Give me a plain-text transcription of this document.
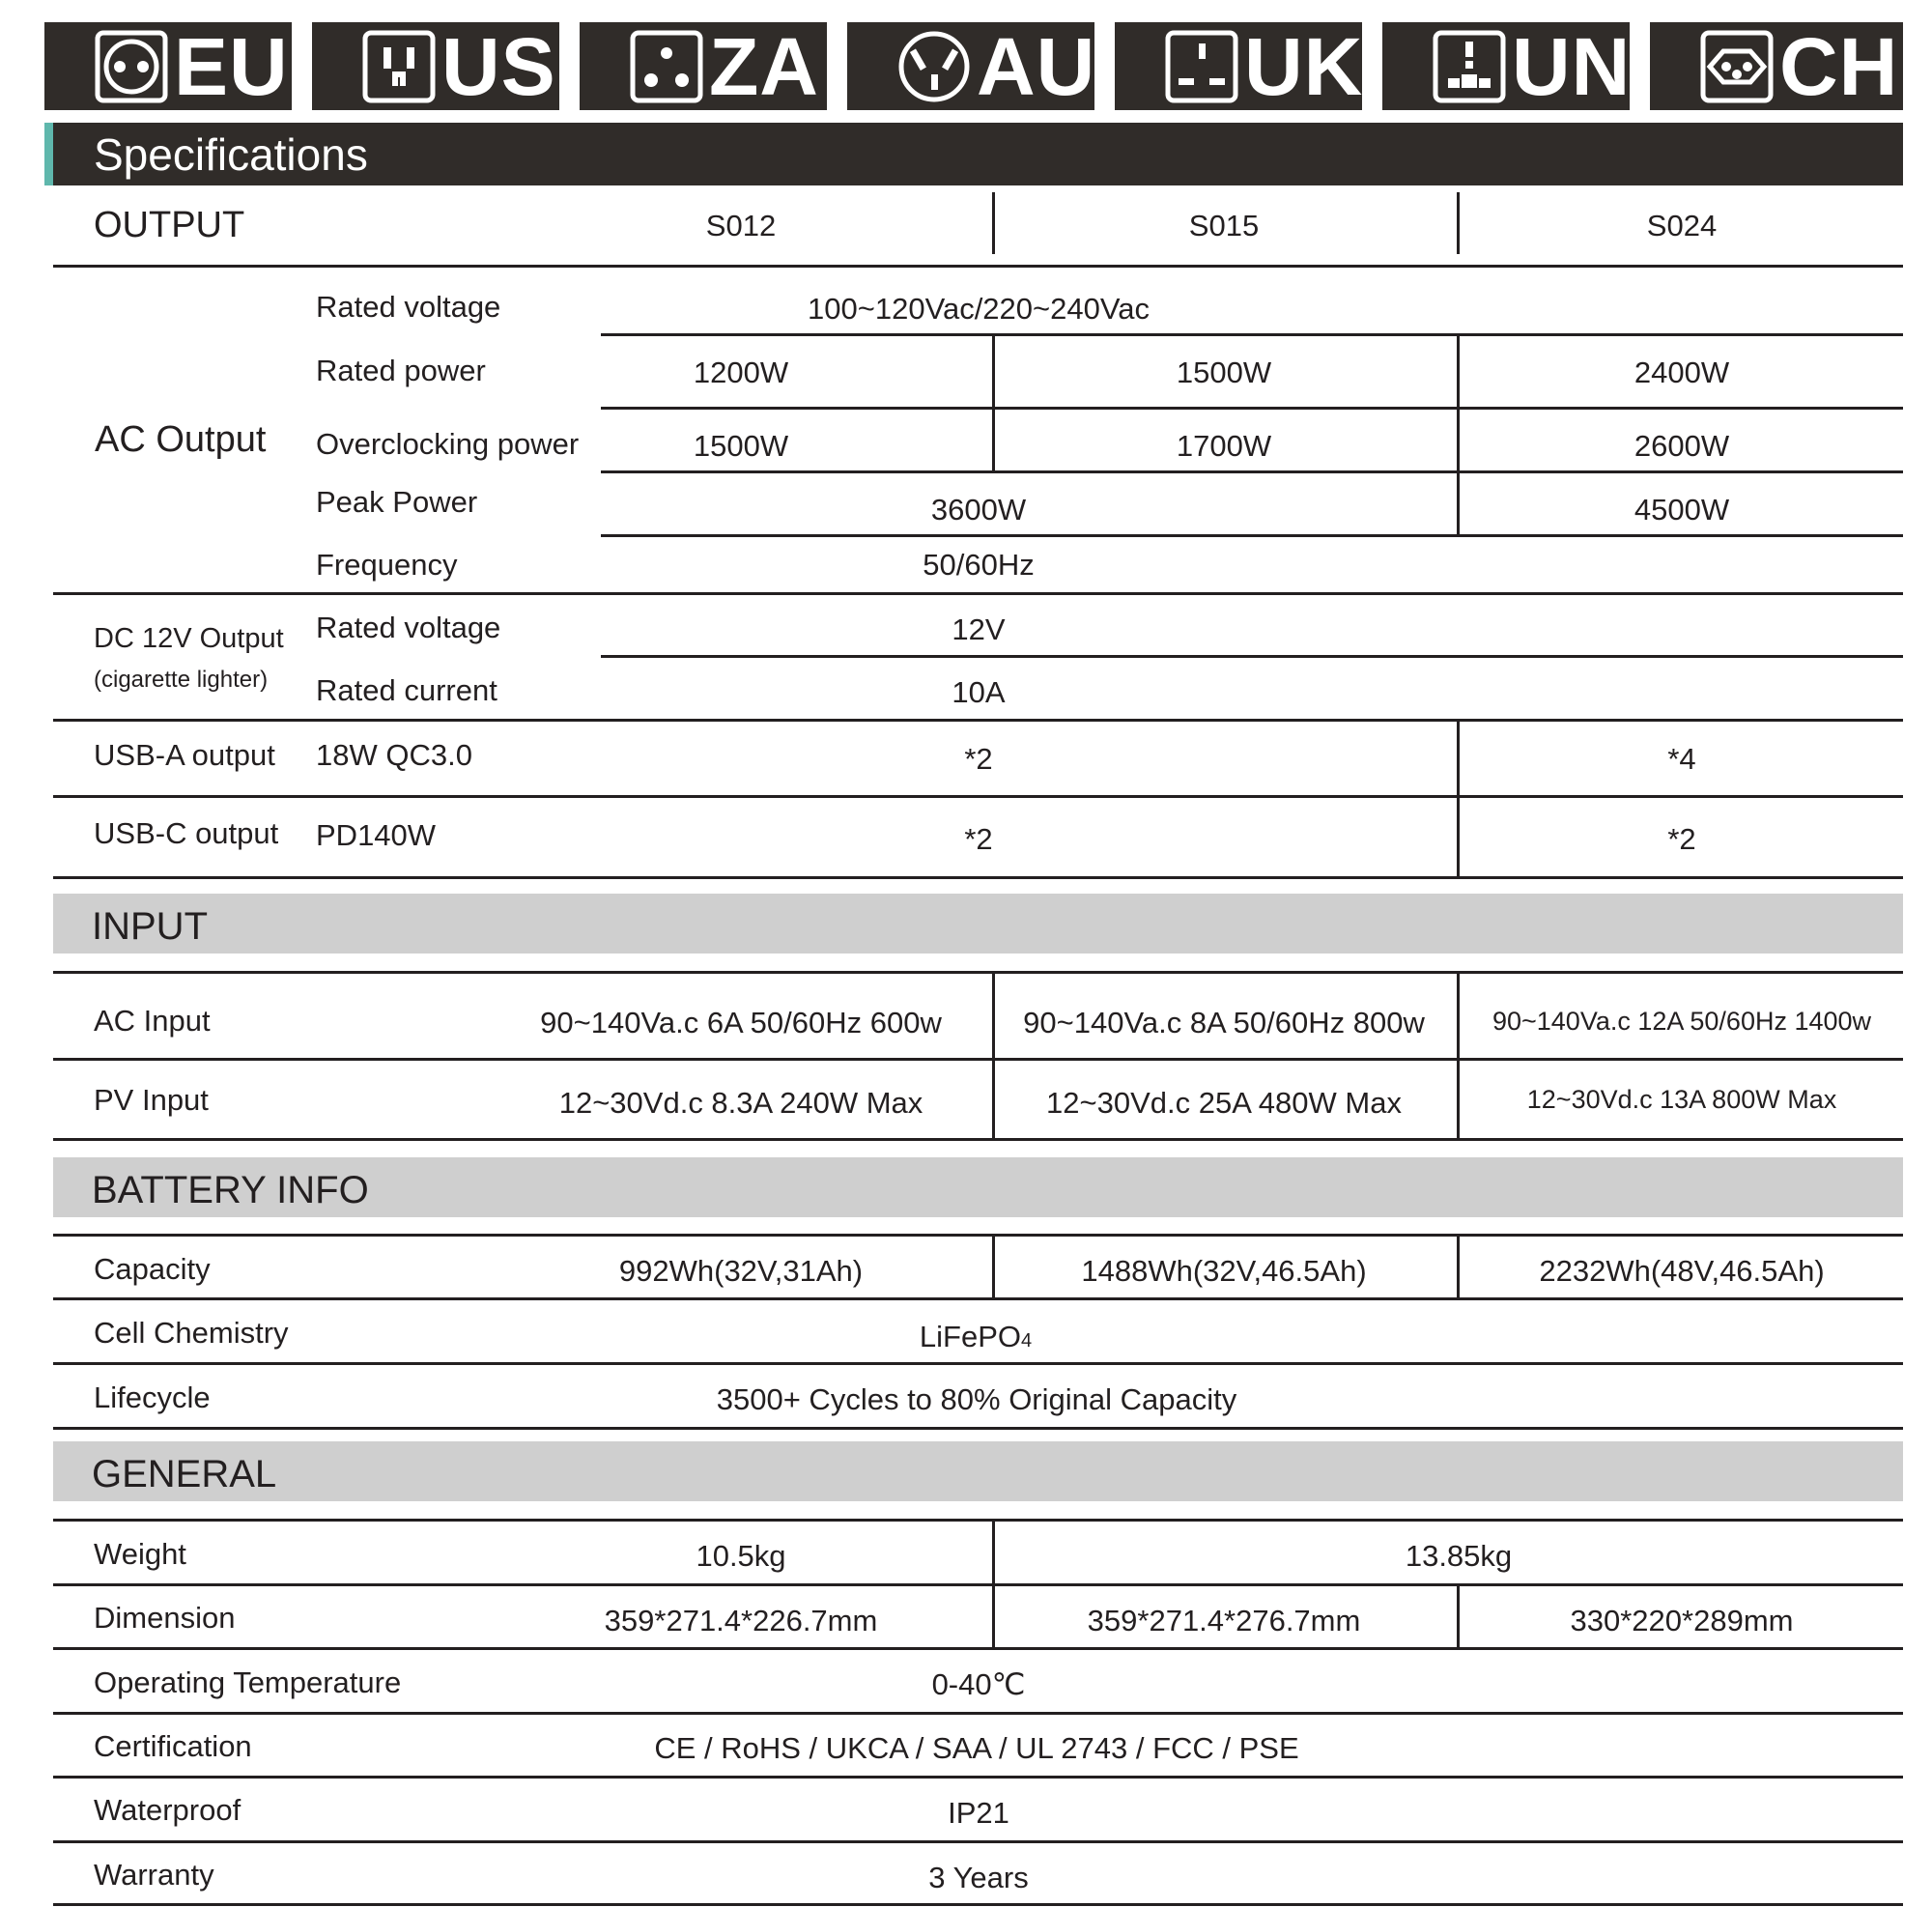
EU US ZA AU UK UN CH
Specifications
OUTPUT	S012	S015	S024
AC Output
Rated voltage	100~120Vac/220~240Vac
Rated power	1200W	1500W	2400W
Overclocking power	1500W	1700W	2600W
Peak Power	3600W	4500W
Frequency	50/60Hz
DC 12V Output
(cigarette lighter)
Rated voltage	12V
Rated current	10A
USB-A output 18W QC3.0	*2	*4
USB-C output PD140W	*2	*2
INPUT
AC Input	90~140Va.c 6A 50/60Hz 600w	90~140Va.c 8A 50/60Hz 800w	90~140Va.c 12A 50/60Hz 1400w
PV Input	12~30Vd.c 8.3A 240W Max	12~30Vd.c 25A 480W Max	12~30Vd.c 13A 800W Max
BATTERY INFO
Capacity	992Wh(32V,31Ah)	1488Wh(32V,46.5Ah)	2232Wh(48V,46.5Ah)
Cell Chemistry	LiFePO4
Lifecycle	3500+ Cycles to 80% Original Capacity
GENERAL
Weight	10.5kg	13.85kg
Dimension	359*271.4*226.7mm	359*271.4*276.7mm	330*220*289mm
Operating Temperature	0-40℃
Certification	CE / RoHS / UKCA / SAA / UL 2743 / FCC / PSE
Waterproof	IP21
Warranty	3 Years
